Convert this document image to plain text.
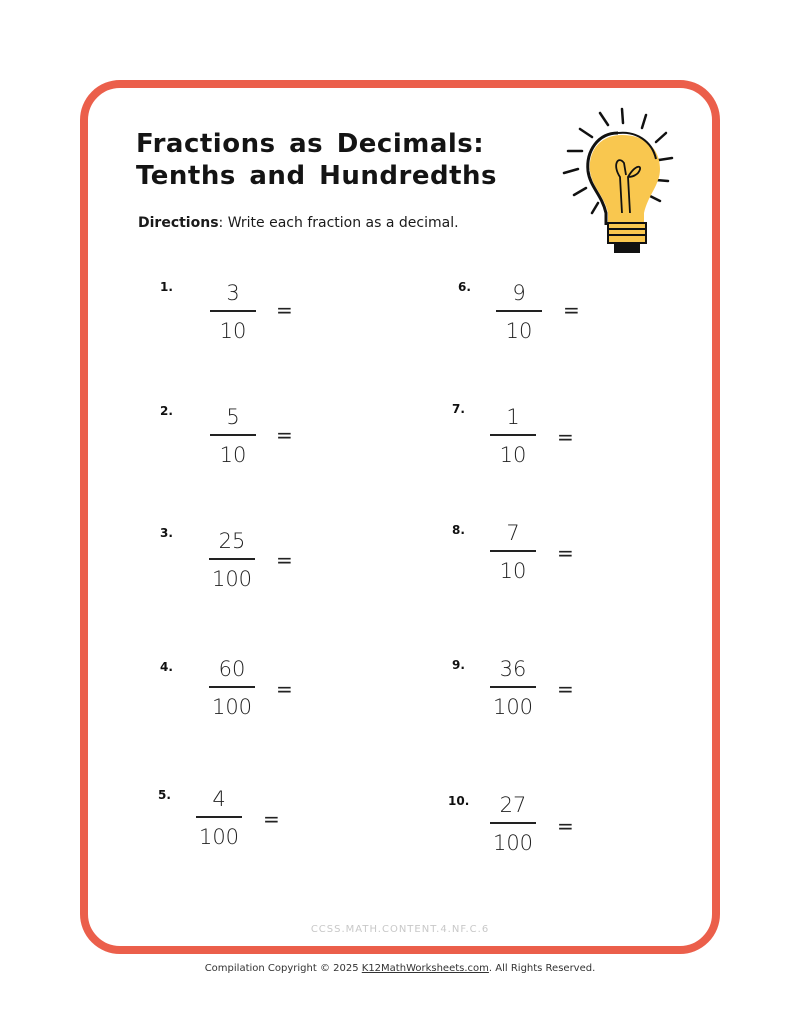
Fractions as Decimals:
Tenths and Hundredths
Directions: Write each fraction as a decimal.
1.	3
10
=
2.	5
10
=
3.	25
100
=
4.	60
100
=
5.	4
100
=
6.	9
10
=
7.	1
10
=
8.	7
10
=
9.	36
100
=
10.	27
100
=
CCSS.MATH.CONTENT.4.NF.C.6
Compilation Copyright © 2025 K12MathWorksheets.com. All Rights Reserved.
